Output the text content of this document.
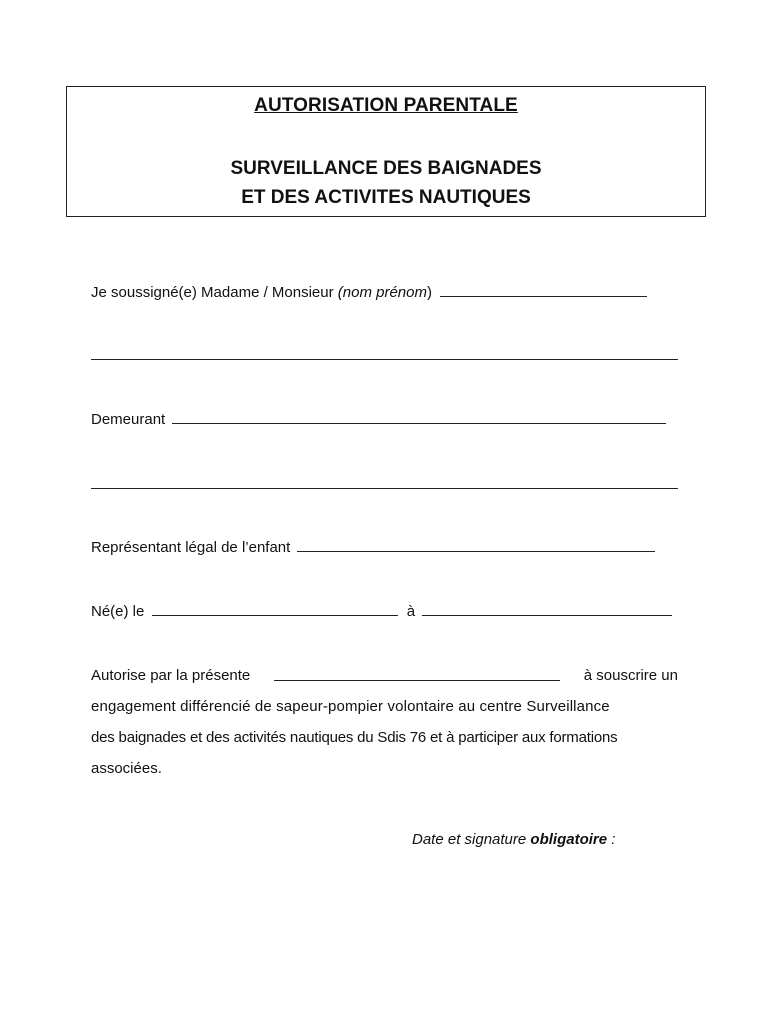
AUTORISATION PARENTALE
SURVEILLANCE DES BAIGNADES
ET DES ACTIVITES NAUTIQUES
Je soussigné(e) Madame / Monsieur (nom prénom)
Demeurant
Représentant légal de l’enfant
Né(e) le	à
Autorise par la présente	à souscrire un
engagement différencié de sapeur-pompier volontaire au centre Surveillance
des baignades et des activités nautiques du Sdis 76 et à participer aux formations
associées.
Date et signature obligatoire :
